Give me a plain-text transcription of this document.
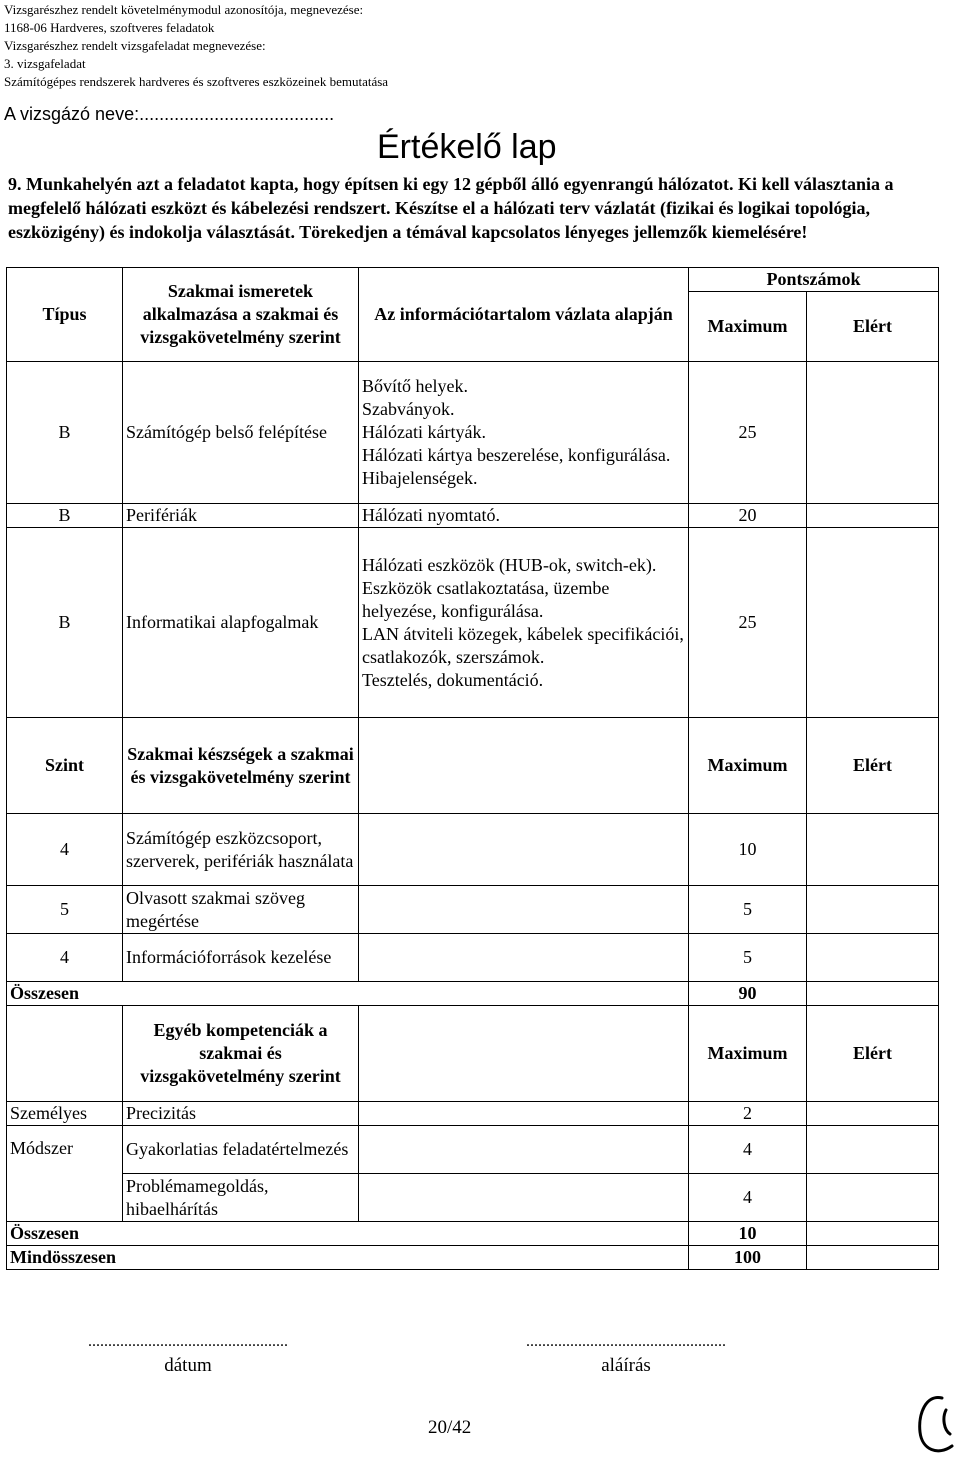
Vizsgarészhez rendelt követelménymodul azonosítója, megnevezése:
1168-06 Hardveres, szoftveres feladatok
Vizsgarészhez rendelt vizsgafeladat megnevezése:
3. vizsgafeladat
Számítógépes rendszerek hardveres és szoftveres eszközeinek bemutatása
A vizsgázó neve:.......................................
Értékelő lap
9. Munkahelyén azt a feladatot kapta, hogy építsen ki egy 12 gépből álló egyenrangú hálózatot. Ki kell választania a megfelelő hálózati eszközt és kábelezési rendszert. Készítse el a hálózati terv vázlatát (fizikai és logikai topológia, eszközigény) és indokolja választását. Törekedjen a témával kapcsolatos lényeges jellemzők kiemelésére!
Típus	Szakmai ismeretek alkalmazása a szakmai és vizsgakövetelmény szerint	Az információtartalom vázlata alapján	Pontszámok	
			Maximum	Elért
B	Számítógép belső felépítése	Bővítő helyek.
Szabványok.
Hálózati kártyák.
Hálózati kártya beszerelése, konfigurálása.
Hibajelenségek.	25	
B	Perifériák	Hálózati nyomtató.	20	
B	Informatikai alapfogalmak	Hálózati eszközök (HUB-ok, switch-ek).
Eszközök csatlakoztatása, üzembe helyezése, konfigurálása.
LAN átviteli közegek, kábelek specifikációi, csatlakozók, szerszámok.
Tesztelés, dokumentáció.	25	
Szint	Szakmai készségek a szakmai és vizsgakövetelmény szerint		Maximum	Elért
4	Számítógép eszközcsoport, szerverek, perifériák használata		10	
5	Olvasott szakmai szöveg megértése		5	
4	Információforrások kezelése		5	
Összesen			90	
	Egyéb kompetenciák a szakmai és vizsgakövetelmény szerint		Maximum	Elért
Személyes	Precizitás		2	
Módszer	Gyakorlatias feladatértelmezés		4	
	Problémamegoldás, hibaelhárítás		4	
Összesen			10	
Mindösszesen			100	
..................................................
dátum
..................................................
aláírás
20/42
